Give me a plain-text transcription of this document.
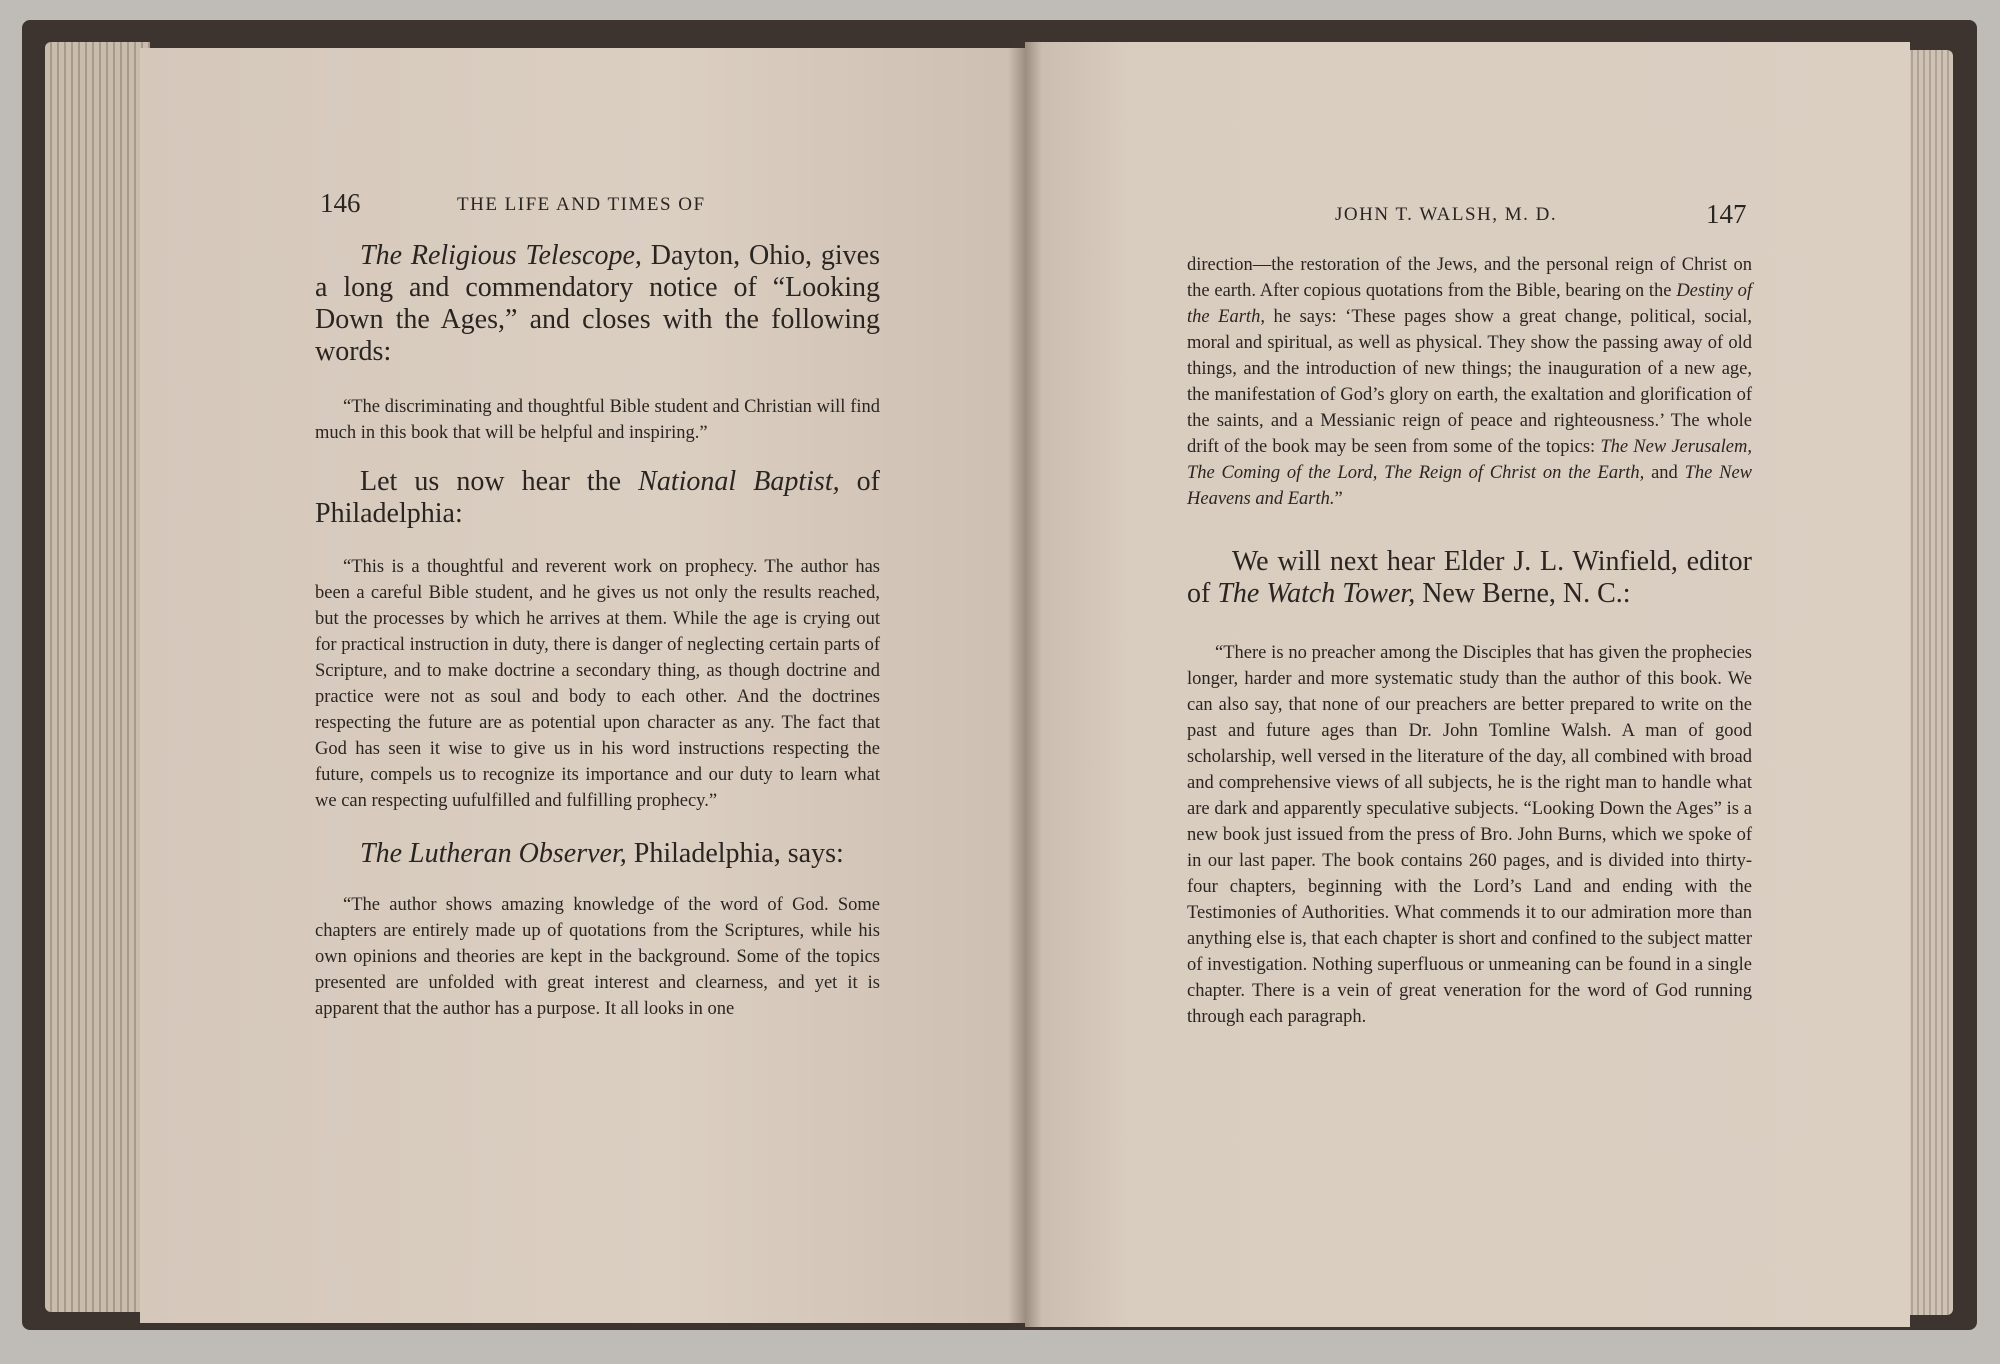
146	THE LIFE AND TIMES OF

The Religious Telescope, Dayton, Ohio, gives a long and commendatory notice of “Looking Down the Ages,” and closes with the following words:

“The discriminating and thoughtful Bible student and Christian will find much in this book that will be helpful and inspiring.”

Let us now hear the National Baptist, of Philadelphia:

“This is a thoughtful and reverent work on prophecy. The author has been a careful Bible student, and he gives us not only the results reached, but the processes by which he arrives at them. While the age is crying out for practical instruction in duty, there is danger of neglecting certain parts of Scripture, and to make doctrine a secondary thing, as though doctrine and practice were not as soul and body to each other. And the doctrines respecting the future are as potential upon character as any. The fact that God has seen it wise to give us in his word instructions respecting the future, compels us to recognize its importance and our duty to learn what we can respecting uufulfilled and fulfilling prophecy.”

The Lutheran Observer, Philadelphia, says:

“The author shows amazing knowledge of the word of God. Some chapters are entirely made up of quotations from the Scriptures, while his own opinions and theories are kept in the background. Some of the topics presented are unfolded with great interest and clearness, and yet it is apparent that the author has a purpose. It all looks in one

JOHN T. WALSH, M. D.	147

direction—the restoration of the Jews, and the personal reign of Christ on the earth. After copious quotations from the Bible, bearing on the Destiny of the Earth, he says: ‘These pages show a great change, political, social, moral and spiritual, as well as physical. They show the passing away of old things, and the introduction of new things; the inauguration of a new age, the manifestation of God’s glory on earth, the exaltation and glorification of the saints, and a Messianic reign of peace and righteousness.’ The whole drift of the book may be seen from some of the topics: The New Jerusalem, The Coming of the Lord, The Reign of Christ on the Earth, and The New Heavens and Earth.”

We will next hear Elder J. L. Winfield, editor of The Watch Tower, New Berne, N. C.:

“There is no preacher among the Disciples that has given the prophecies longer, harder and more systematic study than the author of this book. We can also say, that none of our preachers are better prepared to write on the past and future ages than Dr. John Tomline Walsh. A man of good scholarship, well versed in the literature of the day, all combined with broad and comprehensive views of all subjects, he is the right man to handle what are dark and apparently speculative subjects. “Looking Down the Ages” is a new book just issued from the press of Bro. John Burns, which we spoke of in our last paper. The book contains 260 pages, and is divided into thirty-four chapters, beginning with the Lord’s Land and ending with the Testimonies of Authorities. What commends it to our admiration more than anything else is, that each chapter is short and confined to the subject matter of investigation. Nothing superfluous or unmeaning can be found in a single chapter. There is a vein of great veneration for the word of God running through each paragraph.
